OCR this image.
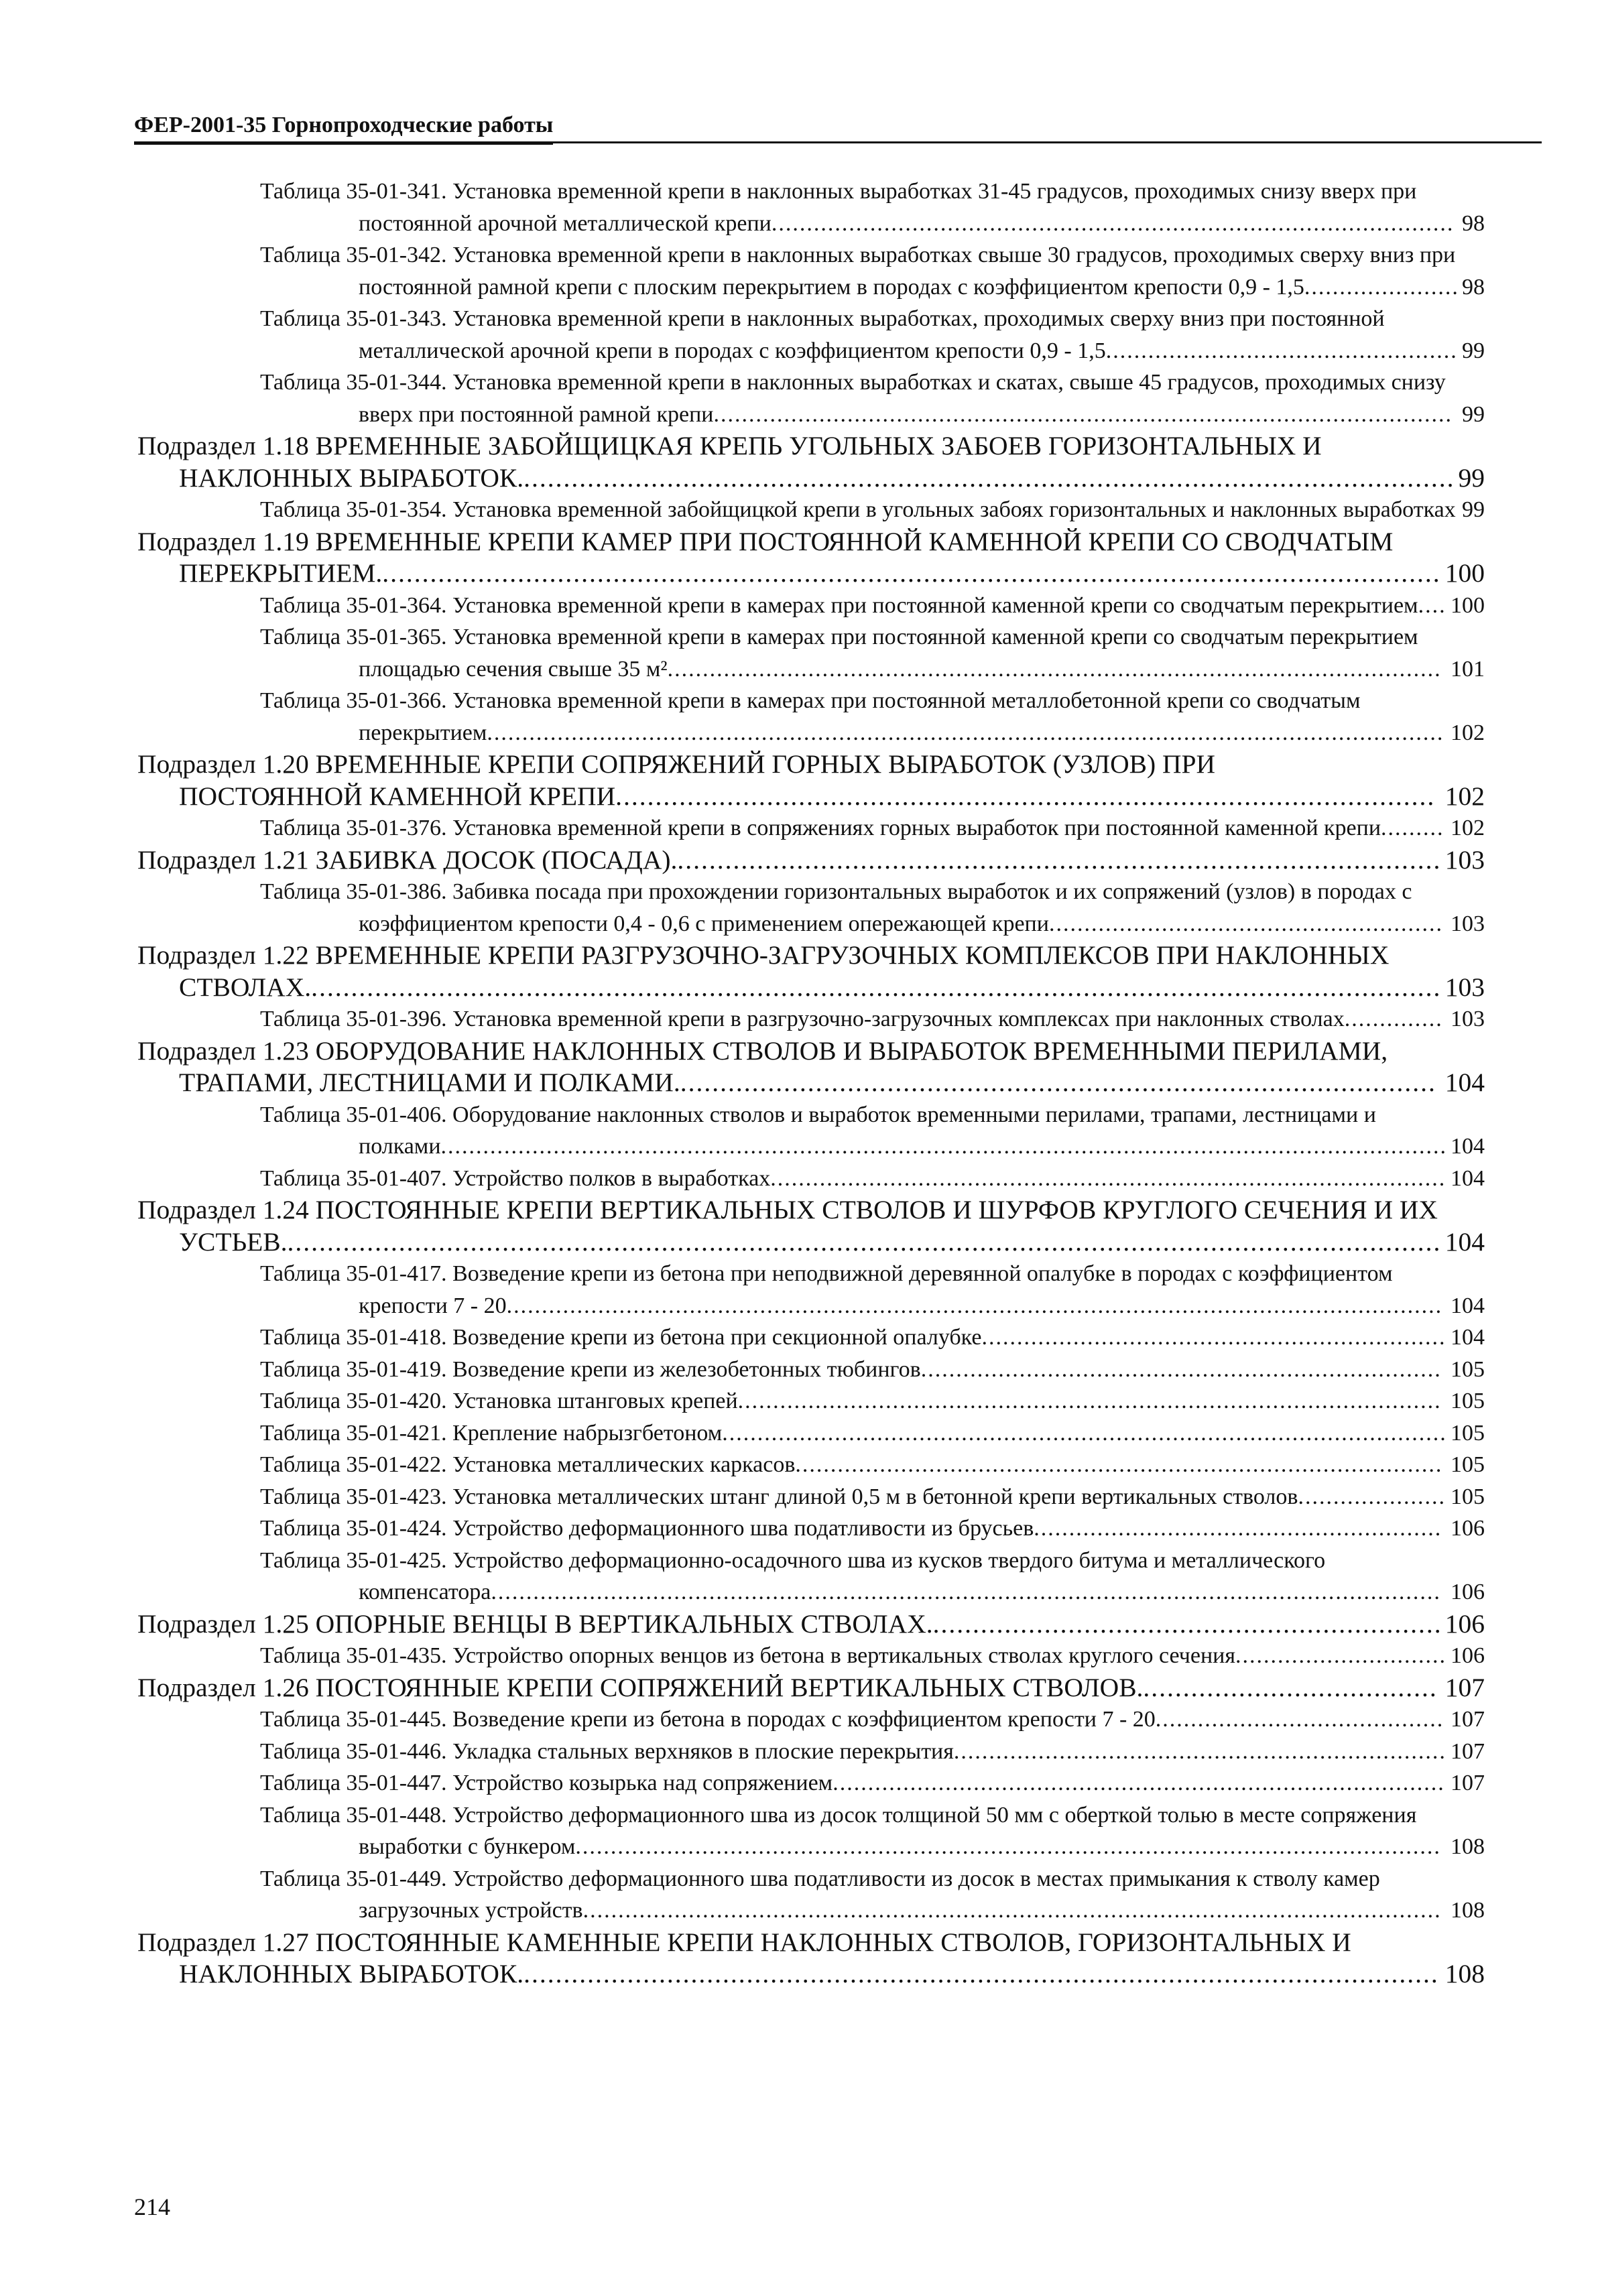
ФЕР-2001-35 Горнопроходческие работы
Таблица 35-01-341. Установка временной крепи в наклонных выработках 31-45 градусов, проходимых снизу вверх при постоянной арочной металлической крепи................................................................................................. 98
Таблица 35-01-342. Установка временной крепи в наклонных выработках свыше 30 градусов, проходимых сверху вниз при постоянной рамной крепи с плоским перекрытием в породах с коэффициентом крепости 0,9 - 1,5...................... 98
Таблица 35-01-343. Установка временной крепи в наклонных выработках, проходимых сверху вниз при постоянной металлической арочной крепи в породах с коэффициентом крепости 0,9 - 1,5.................................................. 99
Таблица 35-01-344. Установка временной крепи в наклонных выработках и скатах, свыше 45 градусов, проходимых снизу вверх при постоянной рамной крепи......................................................................................................... 99
Подраздел 1.18 ВРЕМЕННЫЕ ЗАБОЙЩИЦКАЯ КРЕПЬ УГОЛЬНЫХ ЗАБОЕВ ГОРИЗОНТАЛЬНЫХ И НАКЛОННЫХ ВЫРАБОТОК...................................................................................................................... 99
Таблица 35-01-354. Установка временной забойщицкой крепи в угольных забоях горизонтальных и наклонных выработках 99
Подраздел 1.19 ВРЕМЕННЫЕ КРЕПИ КАМЕР ПРИ ПОСТОЯННОЙ КАМЕННОЙ КРЕПИ СО СВОДЧАТЫМ ПЕРЕКРЫТИЕМ...................................................................................................................................... 100
Таблица 35-01-364. Установка временной крепи в камерах при постоянной каменной крепи со сводчатым перекрытием.... 100
Таблица 35-01-365. Установка временной крепи в камерах при постоянной каменной крепи со сводчатым перекрытием площадью сечения свыше 35 м².............................................................................................................. 101
Таблица 35-01-366. Установка временной крепи в камерах при постоянной металлобетонной крепи со сводчатым перекрытием........................................................................................................................................ 102
Подраздел 1.20 ВРЕМЕННЫЕ КРЕПИ СОПРЯЖЕНИЙ ГОРНЫХ ВЫРАБОТОК (УЗЛОВ) ПРИ
ПОСТОЯННОЙ КАМЕННОЙ КРЕПИ....................................................................................................... 102
Таблица 35-01-376. Установка временной крепи в сопряжениях горных выработок при постоянной каменной крепи......... 102
Подраздел 1.21 ЗАБИВКА ДОСОК (ПОСАДА)................................................................................................. 103
Таблица 35-01-386. Забивка посада при прохождении горизонтальных выработок и их сопряжений (узлов) в породах с коэффициентом крепости 0,4 - 0,6 с применением опережающей крепи........................................................ 103
Подраздел 1.22 ВРЕМЕННЫЕ КРЕПИ РАЗГРУЗОЧНО-ЗАГРУЗОЧНЫХ КОМПЛЕКСОВ ПРИ НАКЛОННЫХ СТВОЛАХ............................................................................................................................................... 103
Таблица 35-01-396. Установка временной крепи в разгрузочно-загрузочных комплексах при наклонных стволах.............. 103
Подраздел 1.23 ОБОРУДОВАНИЕ НАКЛОННЫХ СТВОЛОВ И ВЫРАБОТОК ВРЕМЕННЫМИ ПЕРИЛАМИ, ТРАПАМИ, ЛЕСТНИЦАМИ И ПОЛКАМИ................................................................................................ 104
Таблица 35-01-406. Оборудование наклонных стволов и выработок временными перилами, трапами, лестницами и полками............................................................................................................................................... 104
Таблица 35-01-407. Устройство полков в выработках................................................................................................ 104
Подраздел 1.24 ПОСТОЯННЫЕ КРЕПИ ВЕРТИКАЛЬНЫХ СТВОЛОВ И ШУРФОВ КРУГЛОГО СЕЧЕНИЯ И ИХ УСТЬЕВ.................................................................................................................................................. 104
Таблица 35-01-417. Возведение крепи из бетона при неподвижной деревянной опалубке в породах с коэффициентом крепости 7 - 20..................................................................................................................................... 104
Таблица 35-01-418. Возведение крепи из бетона при секционной опалубке.................................................................. 104
Таблица 35-01-419. Возведение крепи из железобетонных тюбингов.......................................................................... 105
Таблица 35-01-420. Установка штанговых крепей.................................................................................................... 105
Таблица 35-01-421. Крепление набрызгбетоном....................................................................................................... 105
Таблица 35-01-422. Установка металлических каркасов............................................................................................ 105
Таблица 35-01-423. Установка металлических штанг длиной 0,5 м в бетонной крепи вертикальных стволов..................... 105
Таблица 35-01-424. Устройство деформационного шва податливости из брусьев.......................................................... 106
Таблица 35-01-425. Устройство деформационно-осадочного шва из кусков твердого битума и металлического компенсатора....................................................................................................................................... 106
Подраздел 1.25 ОПОРНЫЕ ВЕНЦЫ В ВЕРТИКАЛЬНЫХ СТВОЛАХ................................................................. 106
Таблица 35-01-435. Устройство опорных венцов из бетона в вертикальных стволах круглого сечения.............................. 106
Подраздел 1.26 ПОСТОЯННЫЕ КРЕПИ СОПРЯЖЕНИЙ ВЕРТИКАЛЬНЫХ СТВОЛОВ...................................... 107
Таблица 35-01-445. Возведение крепи из бетона в породах с коэффициентом крепости 7 - 20......................................... 107
Таблица 35-01-446. Укладка стальных верхняков в плоские перекрытия...................................................................... 107
Таблица 35-01-447. Устройство козырька над сопряжением....................................................................................... 107
Таблица 35-01-448. Устройство деформационного шва из досок толщиной 50 мм с оберткой толью в месте сопряжения выработки с бункером........................................................................................................................... 108
Таблица 35-01-449. Устройство деформационного шва податливости из досок в местах примыкания к стволу камер загрузочных устройств.......................................................................................................................... 108
Подраздел 1.27 ПОСТОЯННЫЕ КАМЕННЫЕ КРЕПИ НАКЛОННЫХ СТВОЛОВ, ГОРИЗОНТАЛЬНЫХ И НАКЛОННЫХ ВЫРАБОТОК.................................................................................................................... 108
214
